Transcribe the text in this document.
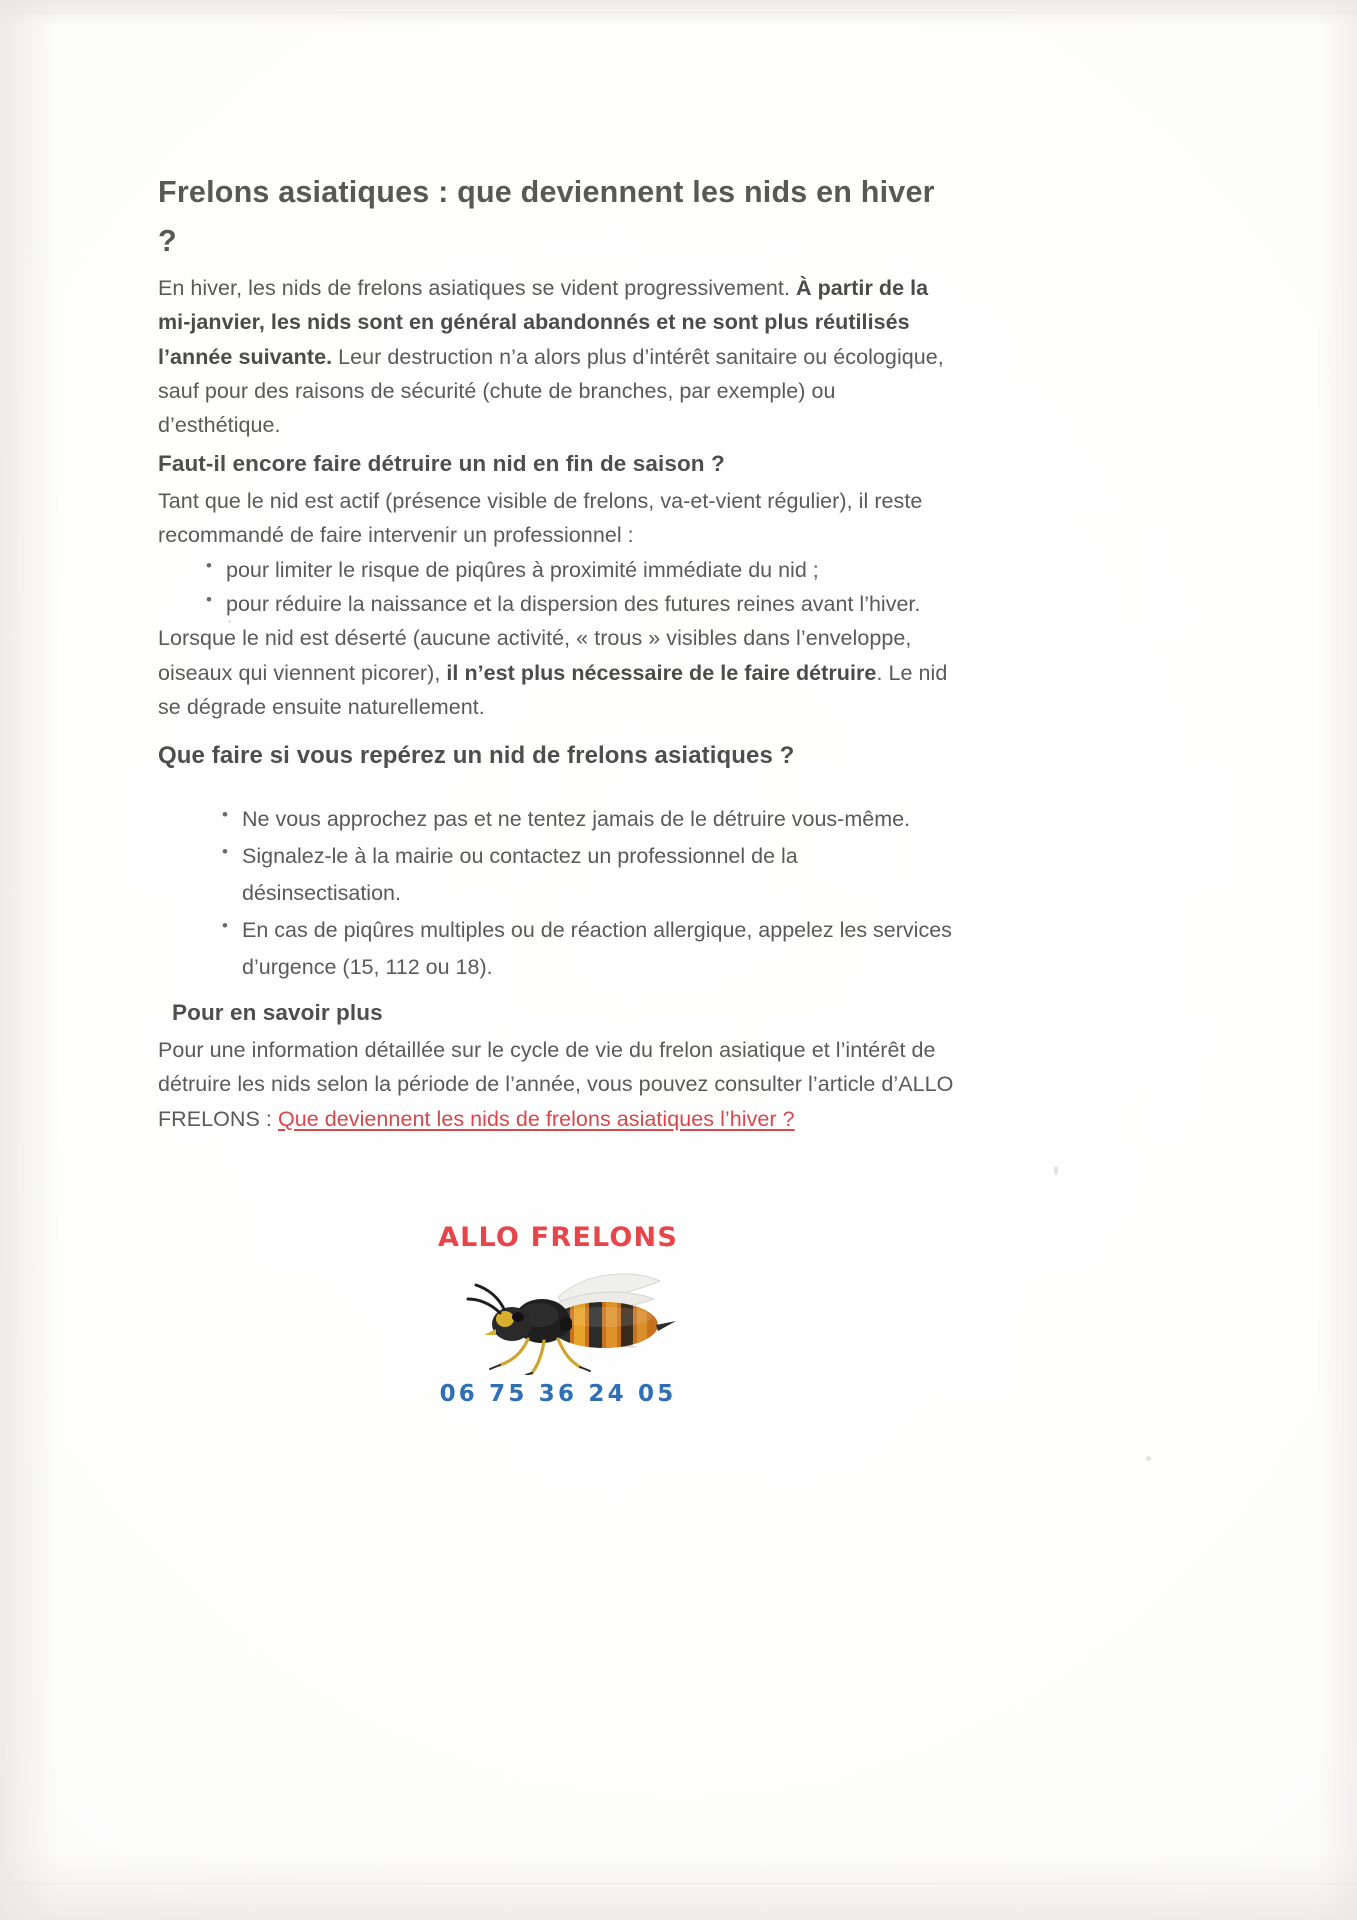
Frelons asiatiques : que deviennent les nids en hiver ?

En hiver, les nids de frelons asiatiques se vident progressivement. À partir de la mi-janvier, les nids sont en général abandonnés et ne sont plus réutilisés l’année suivante. Leur destruction n’a alors plus d’intérêt sanitaire ou écologique, sauf pour des raisons de sécurité (chute de branches, par exemple) ou d’esthétique.

Faut-il encore faire détruire un nid en fin de saison ?

Tant que le nid est actif (présence visible de frelons, va-et-vient régulier), il reste recommandé de faire intervenir un professionnel :

• pour limiter le risque de piqûres à proximité immédiate du nid ;
• pour réduire la naissance et la dispersion des futures reines avant l’hiver.

Lorsque le nid est déserté (aucune activité, « trous » visibles dans l’enveloppe, oiseaux qui viennent picorer), il n’est plus nécessaire de le faire détruire. Le nid se dégrade ensuite naturellement.

Que faire si vous repérez un nid de frelons asiatiques ?
• Ne vous approchez pas et ne tentez jamais de le détruire vous-même.
• Signalez-le à la mairie ou contactez un professionnel de la désinsectisation.
• En cas de piqûres multiples ou de réaction allergique, appelez les services d’urgence (15, 112 ou 18).
Pour en savoir plus

Pour une information détaillée sur le cycle de vie du frelon asiatique et l’intérêt de détruire les nids selon la période de l’année, vous pouvez consulter l’article d’ALLO FRELONS : Que deviennent les nids de frelons asiatiques l’hiver ?

ALLO FRELONS
06 75 36 24 05
